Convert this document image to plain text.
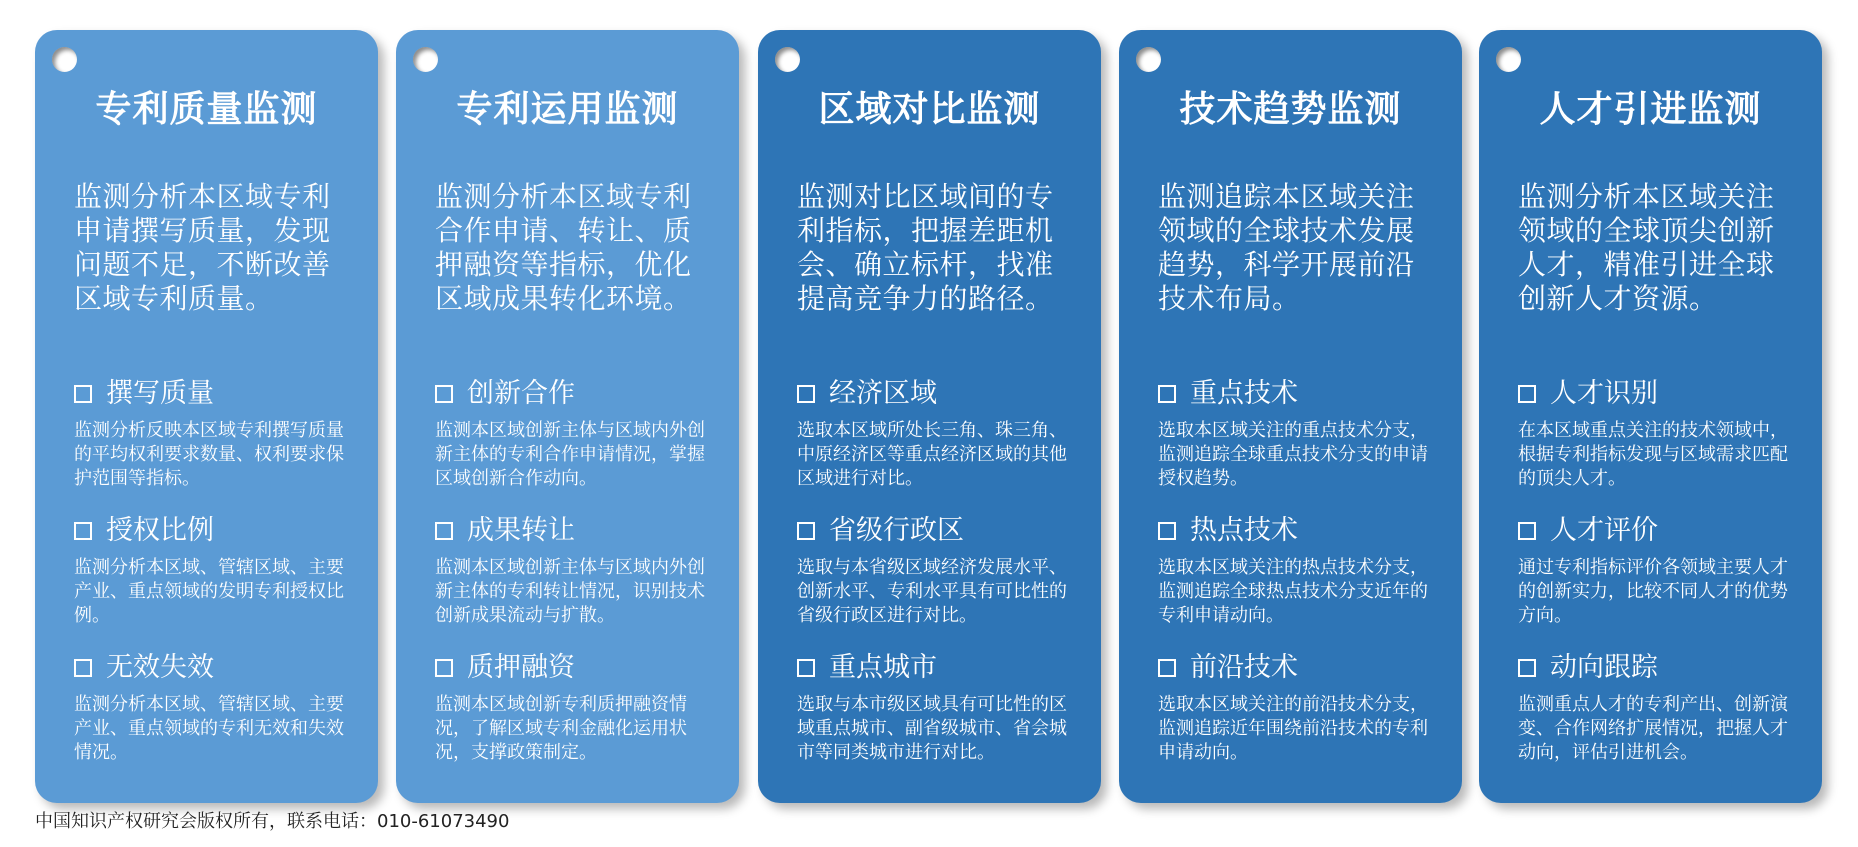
专利质量监测
监测分析本区域专利申请撰写质量，发现问题不足，不断改善区域专利质量。
撰写质量
监测分析反映本区域专利撰写质量的平均权利要求数量、权利要求保护范围等指标。
授权比例
监测分析本区域、管辖区域、主要产业、重点领域的发明专利授权比例。
无效失效
监测分析本区域、管辖区域、主要产业、重点领域的专利无效和失效情况。
专利运用监测
监测分析本区域专利合作申请、转让、质押融资等指标，优化区域成果转化环境。
创新合作
监测本区域创新主体与区域内外创新主体的专利合作申请情况，掌握区域创新合作动向。
成果转让
监测本区域创新主体与区域内外创新主体的专利转让情况，识别技术创新成果流动与扩散。
质押融资
监测本区域创新专利质押融资情况，了解区域专利金融化运用状况，支撑政策制定。
区域对比监测
监测对比区域间的专利指标，把握差距机会、确立标杆，找准提高竞争力的路径。
经济区域
选取本区域所处长三角、珠三角、中原经济区等重点经济区域的其他区域进行对比。
省级行政区
选取与本省级区域经济发展水平、创新水平、专利水平具有可比性的省级行政区进行对比。
重点城市
选取与本市级区域具有可比性的区域重点城市、副省级城市、省会城市等同类城市进行对比。
技术趋势监测
监测追踪本区域关注领域的全球技术发展趋势，科学开展前沿技术布局。
重点技术
选取本区域关注的重点技术分支，监测追踪全球重点技术分支的申请授权趋势。
热点技术
选取本区域关注的热点技术分支，监测追踪全球热点技术分支近年的专利申请动向。
前沿技术
选取本区域关注的前沿技术分支，监测追踪近年围绕前沿技术的专利申请动向。
人才引进监测
监测分析本区域关注领域的全球顶尖创新人才，精准引进全球创新人才资源。
人才识别
在本区域重点关注的技术领域中，根据专利指标发现与区域需求匹配的顶尖人才。
人才评价
通过专利指标评价各领域主要人才的创新实力，比较不同人才的优势方向。
动向跟踪
监测重点人才的专利产出、创新演变、合作网络扩展情况，把握人才动向，评估引进机会。
中国知识产权研究会版权所有，联系电话：010-61073490
